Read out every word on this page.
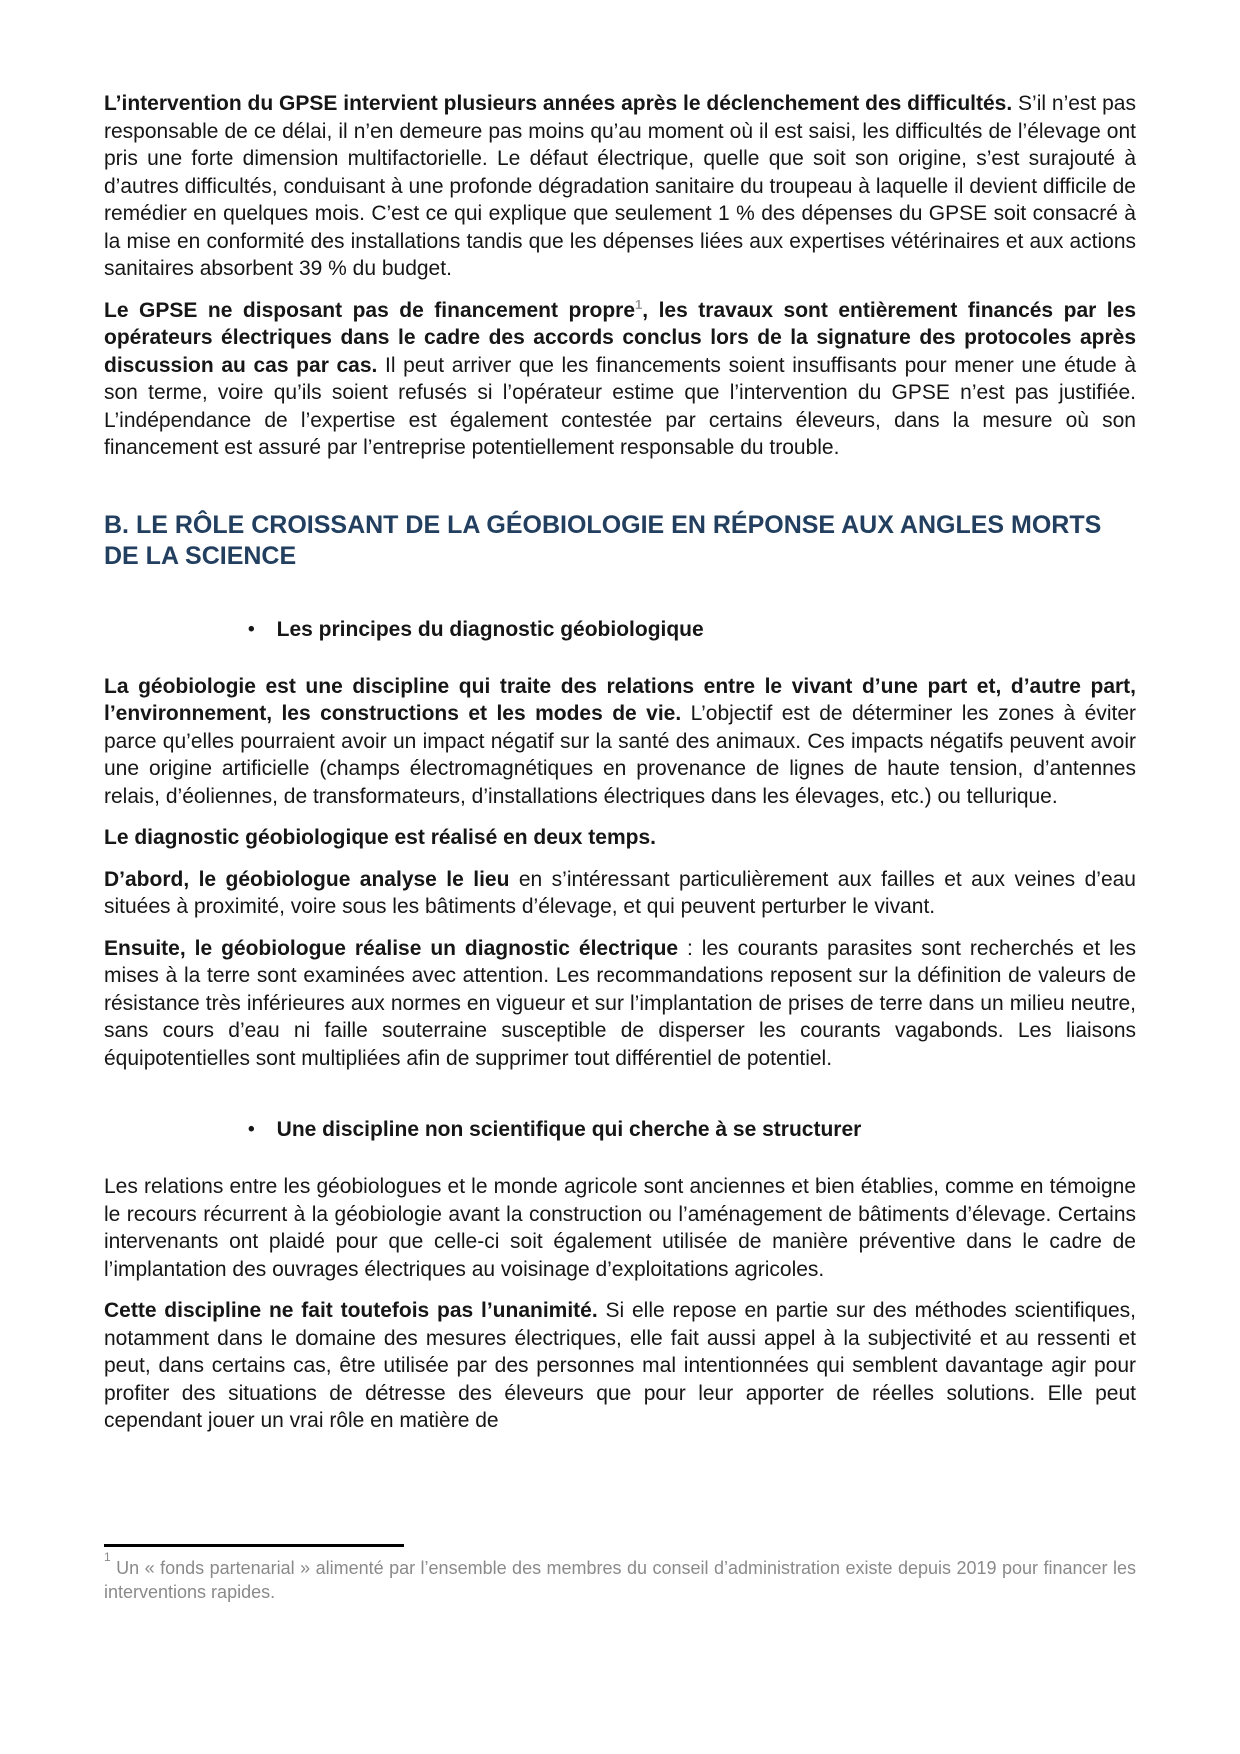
L’intervention du GPSE intervient plusieurs années après le déclenchement des difficultés. S’il n’est pas responsable de ce délai, il n’en demeure pas moins qu’au moment où il est saisi, les difficultés de l’élevage ont pris une forte dimension multifactorielle. Le défaut électrique, quelle que soit son origine, s’est surajouté à d’autres difficultés, conduisant à une profonde dégradation sanitaire du troupeau à laquelle il devient difficile de remédier en quelques mois. C’est ce qui explique que seulement 1 % des dépenses du GPSE soit consacré à la mise en conformité des installations tandis que les dépenses liées aux expertises vétérinaires et aux actions sanitaires absorbent 39 % du budget.

Le GPSE ne disposant pas de financement propre$^1$, les travaux sont entièrement financés par les opérateurs électriques dans le cadre des accords conclus lors de la signature des protocoles après discussion au cas par cas. Il peut arriver que les financements soient insuffisants pour mener une étude à son terme, voire qu’ils soient refusés si l’opérateur estime que l’intervention du GPSE n’est pas justifiée. L’indépendance de l’expertise est également contestée par certains éleveurs, dans la mesure où son financement est assuré par l’entreprise potentiellement responsable du trouble.

B. LE RÔLE CROISSANT DE LA GÉOBIOLOGIE EN RÉPONSE AUX ANGLES MORTS DE LA SCIENCE
• Les principes du diagnostic géobiologique

La géobiologie est une discipline qui traite des relations entre le vivant d’une part et, d’autre part, l’environnement, les constructions et les modes de vie. L’objectif est de déterminer les zones à éviter parce qu’elles pourraient avoir un impact négatif sur la santé des animaux. Ces impacts négatifs peuvent avoir une origine artificielle (champs électromagnétiques en provenance de lignes de haute tension, d’antennes relais, d’éoliennes, de transformateurs, d’installations électriques dans les élevages, etc.) ou tellurique.

Le diagnostic géobiologique est réalisé en deux temps.

D’abord, le géobiologue analyse le lieu en s’intéressant particulièrement aux failles et aux veines d’eau situées à proximité, voire sous les bâtiments d’élevage, et qui peuvent perturber le vivant.

Ensuite, le géobiologue réalise un diagnostic électrique : les courants parasites sont recherchés et les mises à la terre sont examinées avec attention. Les recommandations reposent sur la définition de valeurs de résistance très inférieures aux normes en vigueur et sur l’implantation de prises de terre dans un milieu neutre, sans cours d’eau ni faille souterraine susceptible de disperser les courants vagabonds. Les liaisons équipotentielles sont multipliées afin de supprimer tout différentiel de potentiel.

• Une discipline non scientifique qui cherche à se structurer

Les relations entre les géobiologues et le monde agricole sont anciennes et bien établies, comme en témoigne le recours récurrent à la géobiologie avant la construction ou l’aménagement de bâtiments d’élevage. Certains intervenants ont plaidé pour que celle-ci soit également utilisée de manière préventive dans le cadre de l’implantation des ouvrages électriques au voisinage d’exploitations agricoles.

Cette discipline ne fait toutefois pas l’unanimité. Si elle repose en partie sur des méthodes scientifiques, notamment dans le domaine des mesures électriques, elle fait aussi appel à la subjectivité et au ressenti et peut, dans certains cas, être utilisée par des personnes mal intentionnées qui semblent davantage agir pour profiter des situations de détresse des éleveurs que pour leur apporter de réelles solutions. Elle peut cependant jouer un vrai rôle en matière de

$^1$ Un « fonds partenarial » alimenté par l’ensemble des membres du conseil d’administration existe depuis 2019 pour financer les interventions rapides.
